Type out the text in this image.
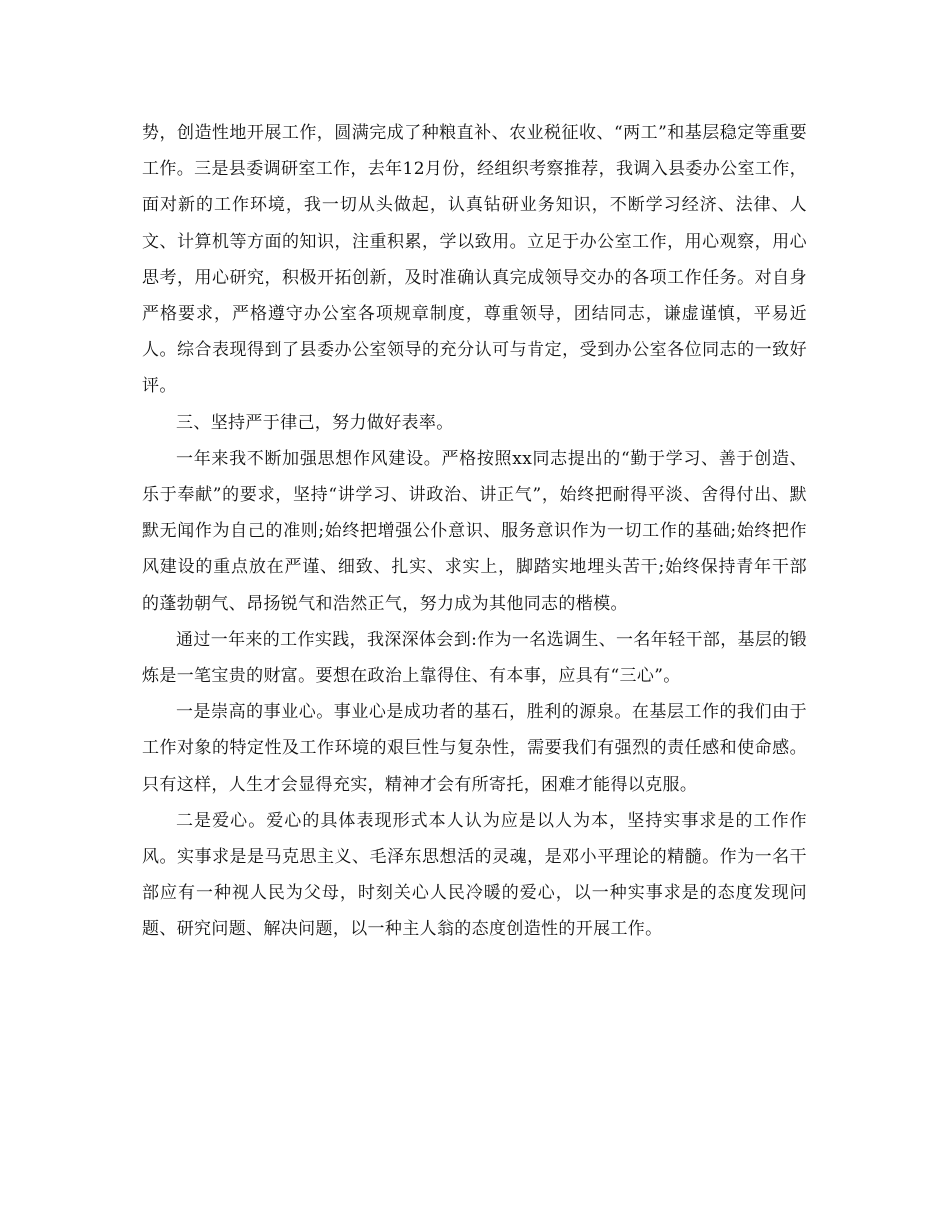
势，创造性地开展工作，圆满完成了种粮直补、农业税征收、“两工”和基层稳定等重要工作。三是县委调研室工作，去年12月份，经组织考察推荐，我调入县委办公室工作，面对新的工作环境，我一切从头做起，认真钻研业务知识，不断学习经济、法律、人文、计算机等方面的知识，注重积累，学以致用。立足于办公室工作，用心观察，用心思考，用心研究，积极开拓创新，及时准确认真完成领导交办的各项工作任务。对自身严格要求，严格遵守办公室各项规章制度，尊重领导，团结同志，谦虚谨慎，平易近人。综合表现得到了县委办公室领导的充分认可与肯定，受到办公室各位同志的一致好评。

三、坚持严于律己，努力做好表率。

一年来我不断加强思想作风建设。严格按照xx同志提出的“勤于学习、善于创造、乐于奉献”的要求，坚持“讲学习、讲政治、讲正气”，始终把耐得平淡、舍得付出、默默无闻作为自己的准则;始终把增强公仆意识、服务意识作为一切工作的基础;始终把作风建设的重点放在严谨、细致、扎实、求实上，脚踏实地埋头苦干;始终保持青年干部的蓬勃朝气、昂扬锐气和浩然正气，努力成为其他同志的楷模。

通过一年来的工作实践，我深深体会到:作为一名选调生、一名年轻干部，基层的锻炼是一笔宝贵的财富。要想在政治上靠得住、有本事，应具有“三心”。

一是崇高的事业心。事业心是成功者的基石，胜利的源泉。在基层工作的我们由于工作对象的特定性及工作环境的艰巨性与复杂性，需要我们有强烈的责任感和使命感。只有这样，人生才会显得充实，精神才会有所寄托，困难才能得以克服。

二是爱心。爱心的具体表现形式本人认为应是以人为本，坚持实事求是的工作作风。实事求是是马克思主义、毛泽东思想活的灵魂，是邓小平理论的精髓。作为一名干部应有一种视人民为父母，时刻关心人民冷暖的爱心，以一种实事求是的态度发现问题、研究问题、解决问题，以一种主人翁的态度创造性的开展工作。
